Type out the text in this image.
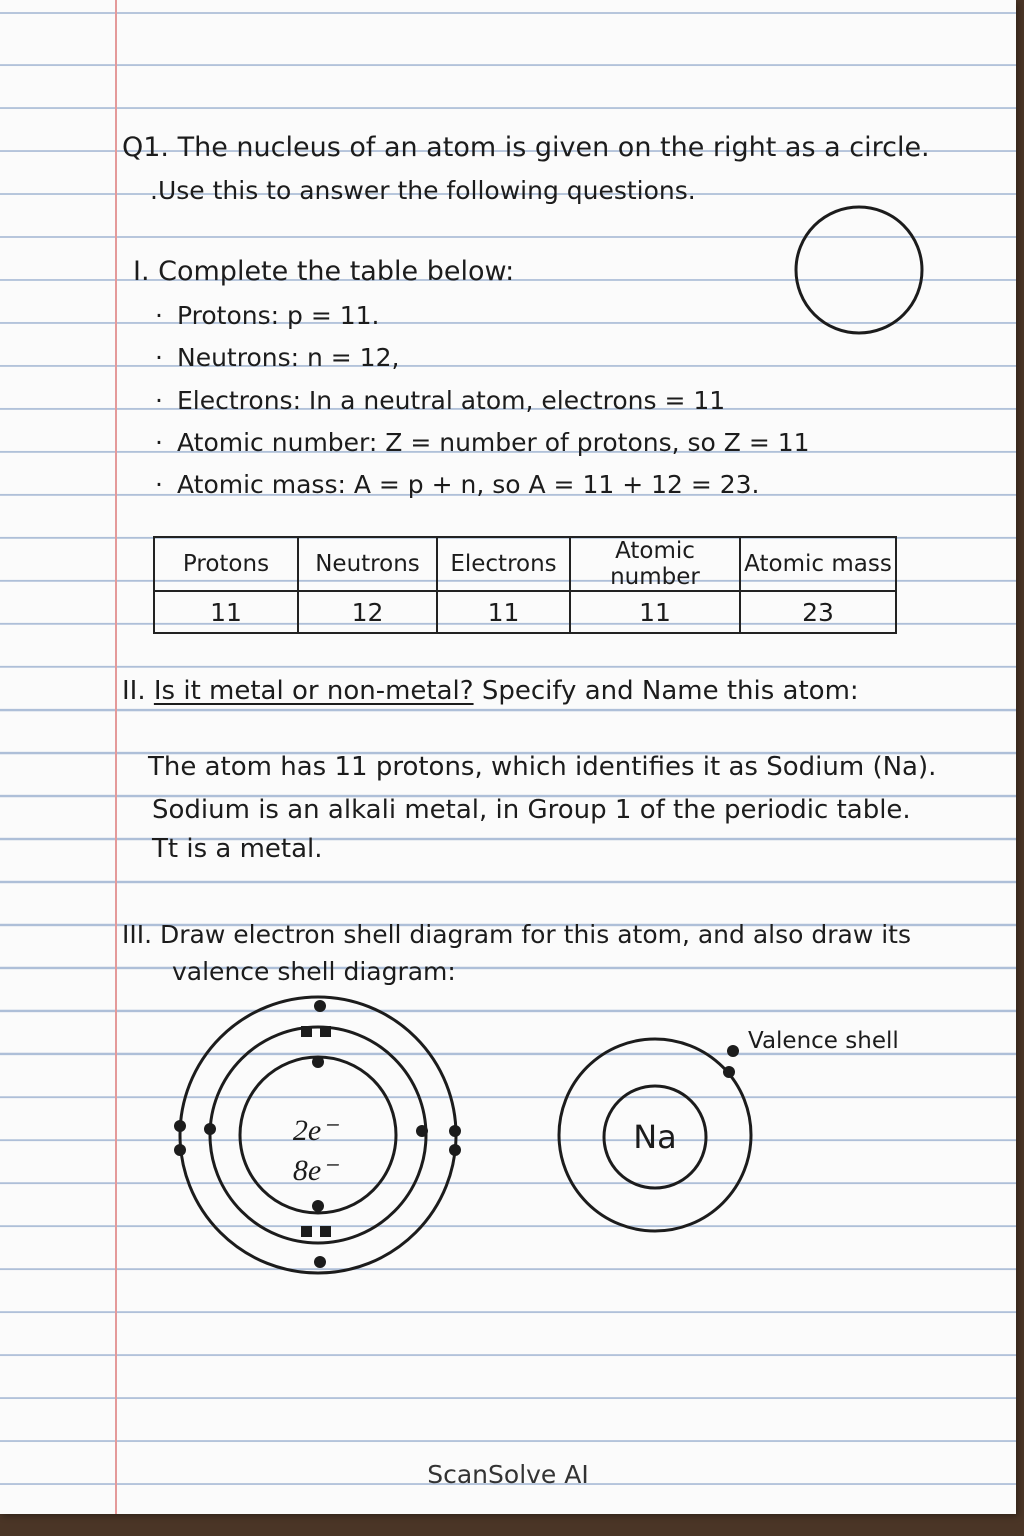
Q1. The nucleus of an atom is given on the right as a circle.
.Use this to answer the following questions.
I. Complete the table below:
· Protons: p = 11.
· Neutrons: n = 12,
· Electrons: In a neutral atom, electrons = 11
· Atomic number: Z = number of protons, so Z = 11
· Atomic mass: A = p + n, so A = 11 + 12 = 23.
Protons	Neutrons	Electrons	Atomic number	Atomic mass
11	12	11	11	23
II. Is it metal or non-metal? Specify and Name this atom:
The atom has 11 protons, which identifies it as Sodium (Na).
Sodium is an alkali metal, in Group 1 of the periodic table.
Tt is a metal.
III. Draw electron shell diagram for this atom, and also draw its
valence shell diagram:
2e⁻
8e⁻
Na
Valence shell
ScanSolve AI
